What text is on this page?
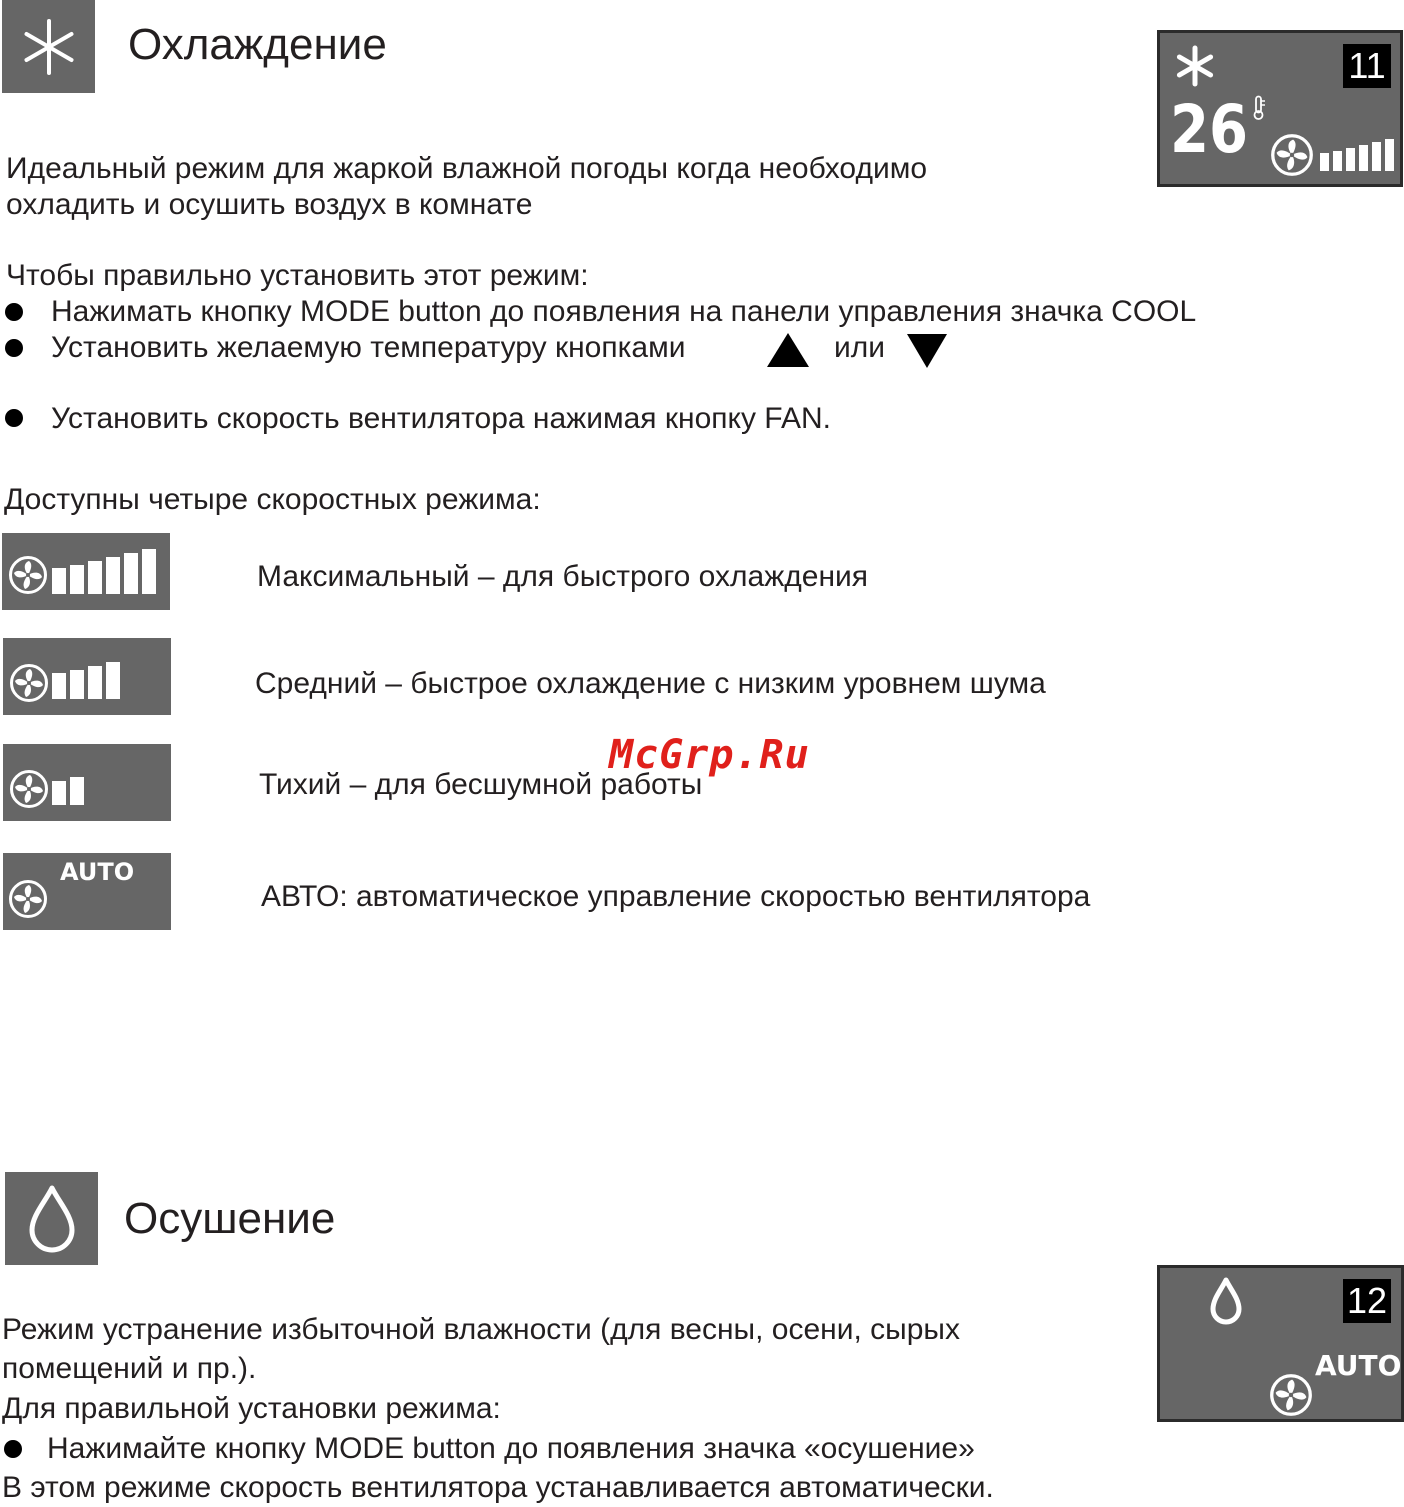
Охлаждение	11
26
Идеальный режим для жаркой влажной погоды когда необходимо
охладить и осушить воздух в комнате
Чтобы правильно установить этот режим:
Нажимать кнопку MODE button до появления на панели управления значка COOL
Установить желаемую температуру кнопками	или
Установить скорость вентилятора нажимая кнопку FAN.
Доступны четыре скоростных режима:
Максимальный – для быстрого охлаждения
Средний – быстрое охлаждение с низким уровнем шума
Тихий – для бесшумной работы
AUTO
АВТО: автоматическое управление скоростью вентилятора
McGrp.Ru
Осушение
12
AUTO
Режим устранение избыточной влажности (для весны, осени, сырых
помещений и пр.).
Для правильной установки режима:
Нажимайте кнопку MODE button до появления значка «осушение»
В этом режиме скорость вентилятора устанавливается автоматически.
